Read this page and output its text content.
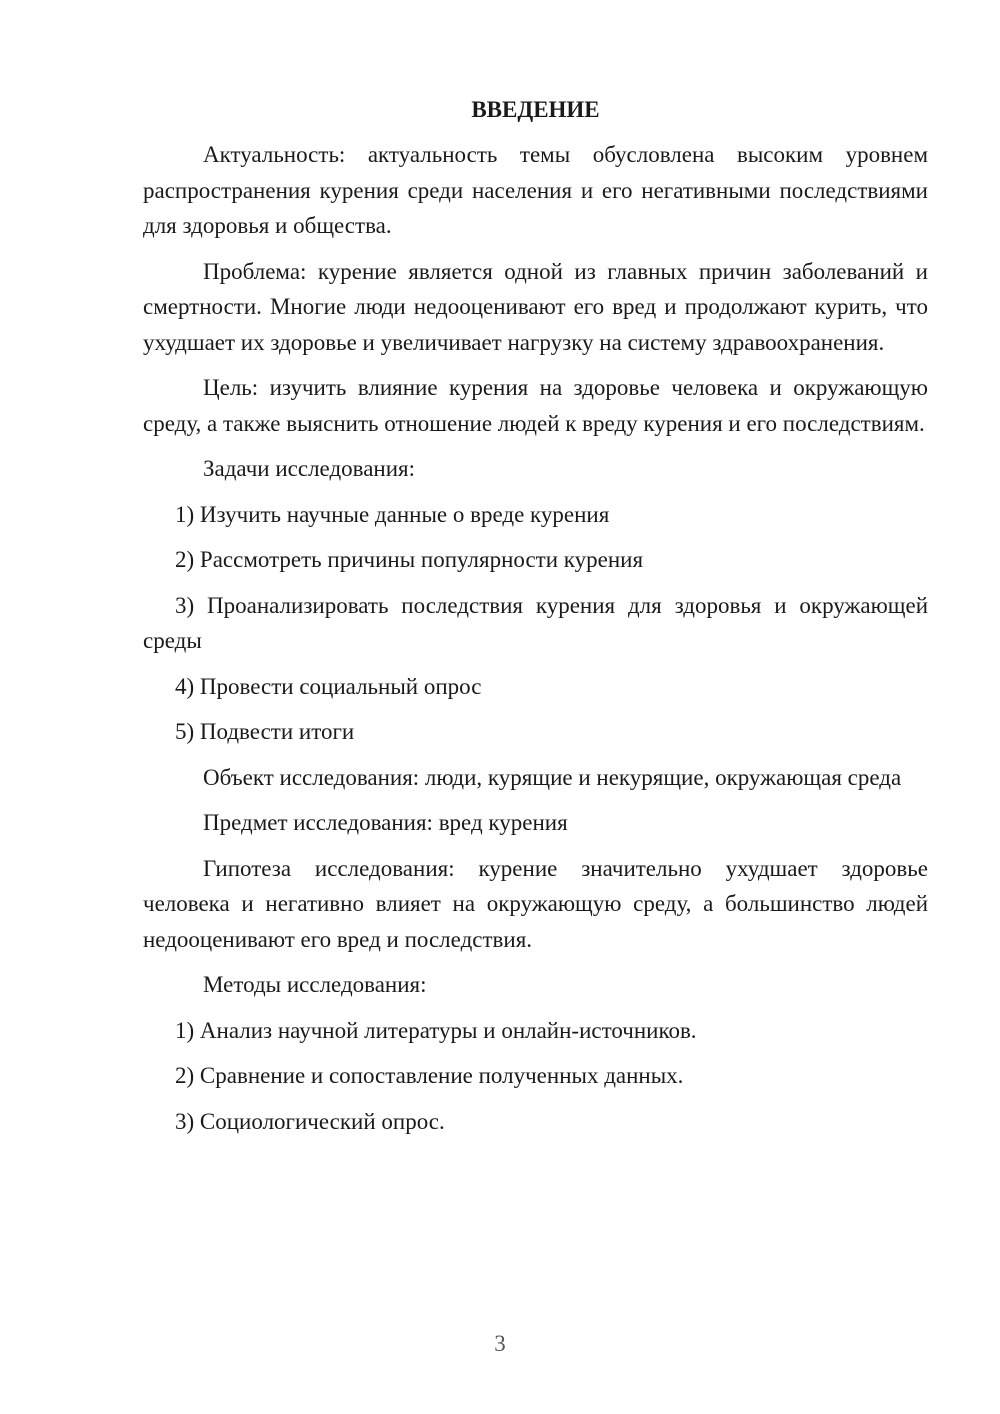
ВВЕДЕНИЕ

Актуальность: актуальность темы обусловлена высоким уровнем распространения курения среди населения и его негативными последствиями для здоровья и общества.

Проблема: курение является одной из главных причин заболеваний и смертности. Многие люди недооценивают его вред и продолжают курить, что ухудшает их здоровье и увеличивает нагрузку на систему здравоохранения.

Цель: изучить влияние курения на здоровье человека и окружающую среду, а также выяснить отношение людей к вреду курения и его последствиям.

Задачи исследования:

1) Изучить научные данные о вреде курения

2) Рассмотреть причины популярности курения

3) Проанализировать последствия курения для здоровья и окружающей среды

4) Провести социальный опрос

5) Подвести итоги

Объект исследования: люди, курящие и некурящие, окружающая среда

Предмет исследования: вред курения

Гипотеза исследования: курение значительно ухудшает здоровье человека и негативно влияет на окружающую среду, а большинство людей недооценивают его вред и последствия.

Методы исследования:

1) Анализ научной литературы и онлайн-источников.

2) Сравнение и сопоставление полученных данных.

3) Социологический опрос.

3
